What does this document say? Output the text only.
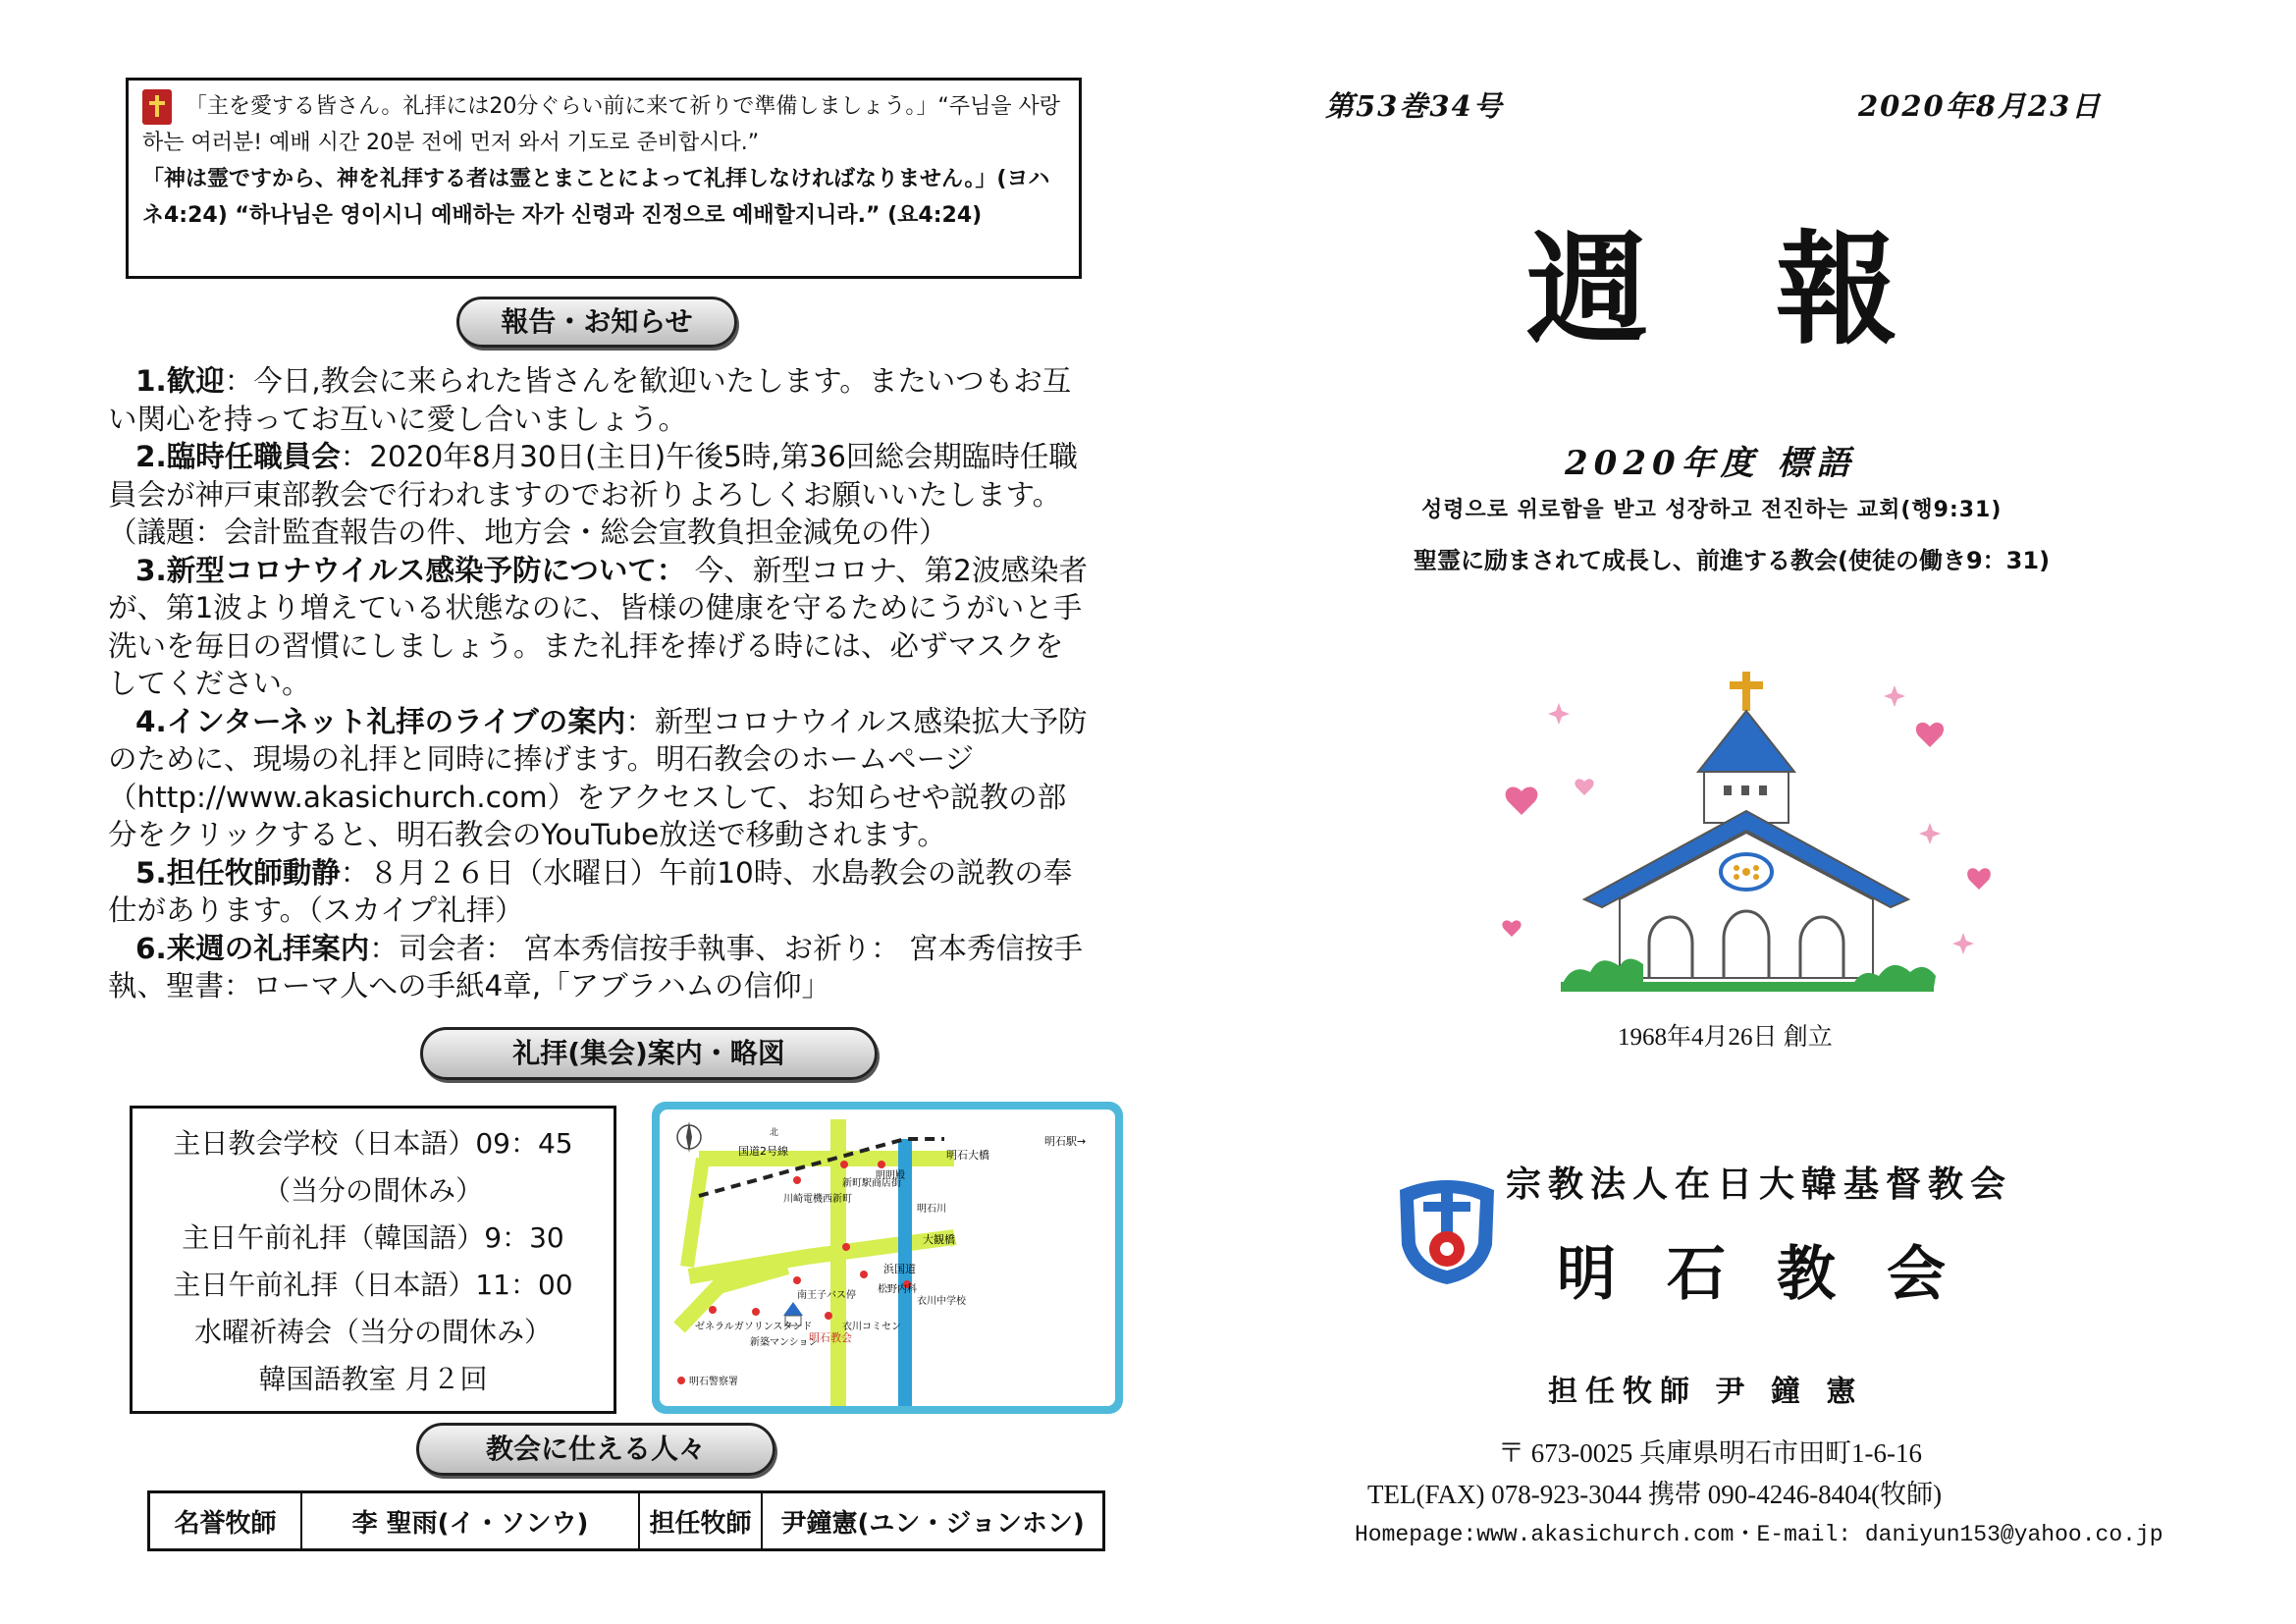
「主を愛する皆さん。礼拝には20分ぐらい前に来て祈りで準備しましょう。」“주님을 사랑하는 여러분! 예배 시간 20분 전에 먼저 와서 기도로 준비합시다.”

「神は霊ですから、神を礼拝する者は霊とまことによって礼拝しなければなりません。」(ヨハネ4:24) “하나님은 영이시니 예배하는 자가 신령과 진정으로 예배할지니라.” (요4:24)

報告・お知らせ

1.歓迎：今日,教会に来られた皆さんを歓迎いたします。またいつもお互い関心を持ってお互いに愛し合いましょう。

2.臨時任職員会：2020年8月30日(主日)午後5時,第36回総会期臨時任職員会が神戸東部教会で行われますのでお祈りよろしくお願いいたします。（議題：会計監査報告の件、地方会・総会宣教負担金減免の件）

3.新型コロナウイルス感染予防について： 今、新型コロナ、第2波感染者が、第1波より増えている状態なのに、皆様の健康を守るためにうがいと手洗いを毎日の習慣にしましょう。また礼拝を捧げる時には、必ずマスクをしてください。

4.インターネット礼拝のライブの案内：新型コロナウイルス感染拡大予防のために、現場の礼拝と同時に捧げます。明石教会のホームページ（http://www.akasichurch.com）をアクセスして、お知らせや説教の部分をクリックすると、明石教会のYouTube放送で移動されます。

5.担任牧師動静：８月２６日（水曜日）午前10時、水島教会の説教の奉仕があります。（スカイプ礼拝）

6.来週の礼拝案内：司会者： 宮本秀信按手執事、お祈り： 宮本秀信按手執、聖書：ローマ人への手紙4章,「アブラハムの信仰」

礼拝(集会)案内・略図
主日教会学校（日本語）09：45
（当分の間休み）
主日午前礼拝（韓国語）9：30
主日午前礼拝（日本語）11：00
水曜祈祷会（当分の間休み）
韓国語教室 月２回
北
明石駅→
国道2号線	明石大橋
新町駅商店街
川崎電機西新町
明石川
明明殿
浜国道
大観橋
南王子バス停
松野内科
ゼネラルガソリンスタンド
新築マンション
明石教会
衣川コミセン
衣川中学校
明石警察署
教会に仕える人々
名誉牧師	李 聖雨(イ・ソンウ)	担任牧師	尹鐘憲(ユン・ジョンホン)
第53巻34号	2020年8月23日
週報
2020年度 標語
성령으로 위로함을 받고 성장하고 전진하는 교회(행9:31)
聖霊に励まされて成長し、前進する教会(使徒の働き9：31)
1968年4月26日 創立
宗教法人在日大韓基督教会
明石教会
担任牧師 尹 鐘 憲
〒 673-0025 兵庫県明石市田町1-6-16
TEL(FAX) 078-923-3044 携帯 090-4246-8404(牧師)
Homepage:www.akasichurch.com・E-mail: daniyun153@yahoo.co.jp
